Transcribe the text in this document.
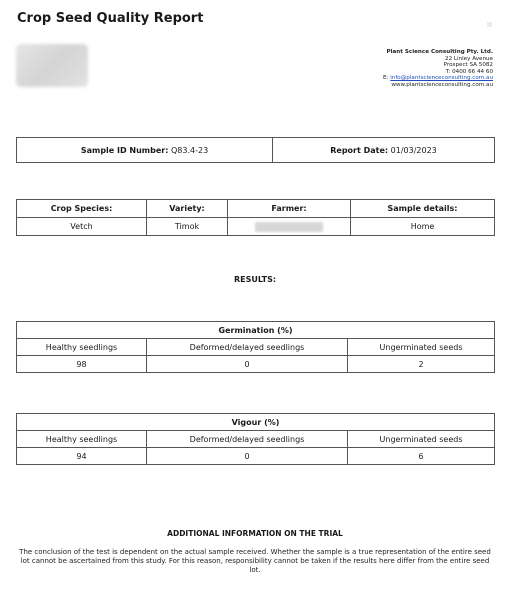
Crop Seed Quality Report
Plant Science Consulting Pty. Ltd.
22 Linley Avenue
Prospect SA 5082
T: 0400 66 44 60
E: info@plantscienceconsulting.com.au
www.plantscienceconsulting.com.au
Sample ID Number: Q83.4-23	Report Date: 01/03/2023
Crop Species:	Variety:	Farmer:	Sample details:
Vetch	Timok		Home
RESULTS:
Germination (%)		
Healthy seedlings	Deformed/delayed seedlings	Ungerminated seeds
98	0	2
Vigour (%)		
Healthy seedlings	Deformed/delayed seedlings	Ungerminated seeds
94	0	6
ADDITIONAL INFORMATION ON THE TRIAL
The conclusion of the test is dependent on the actual sample received. Whether the sample is a true representation of the entire seed lot cannot be ascertained from this study. For this reason, responsibility cannot be taken if the results here differ from the entire seed lot.
